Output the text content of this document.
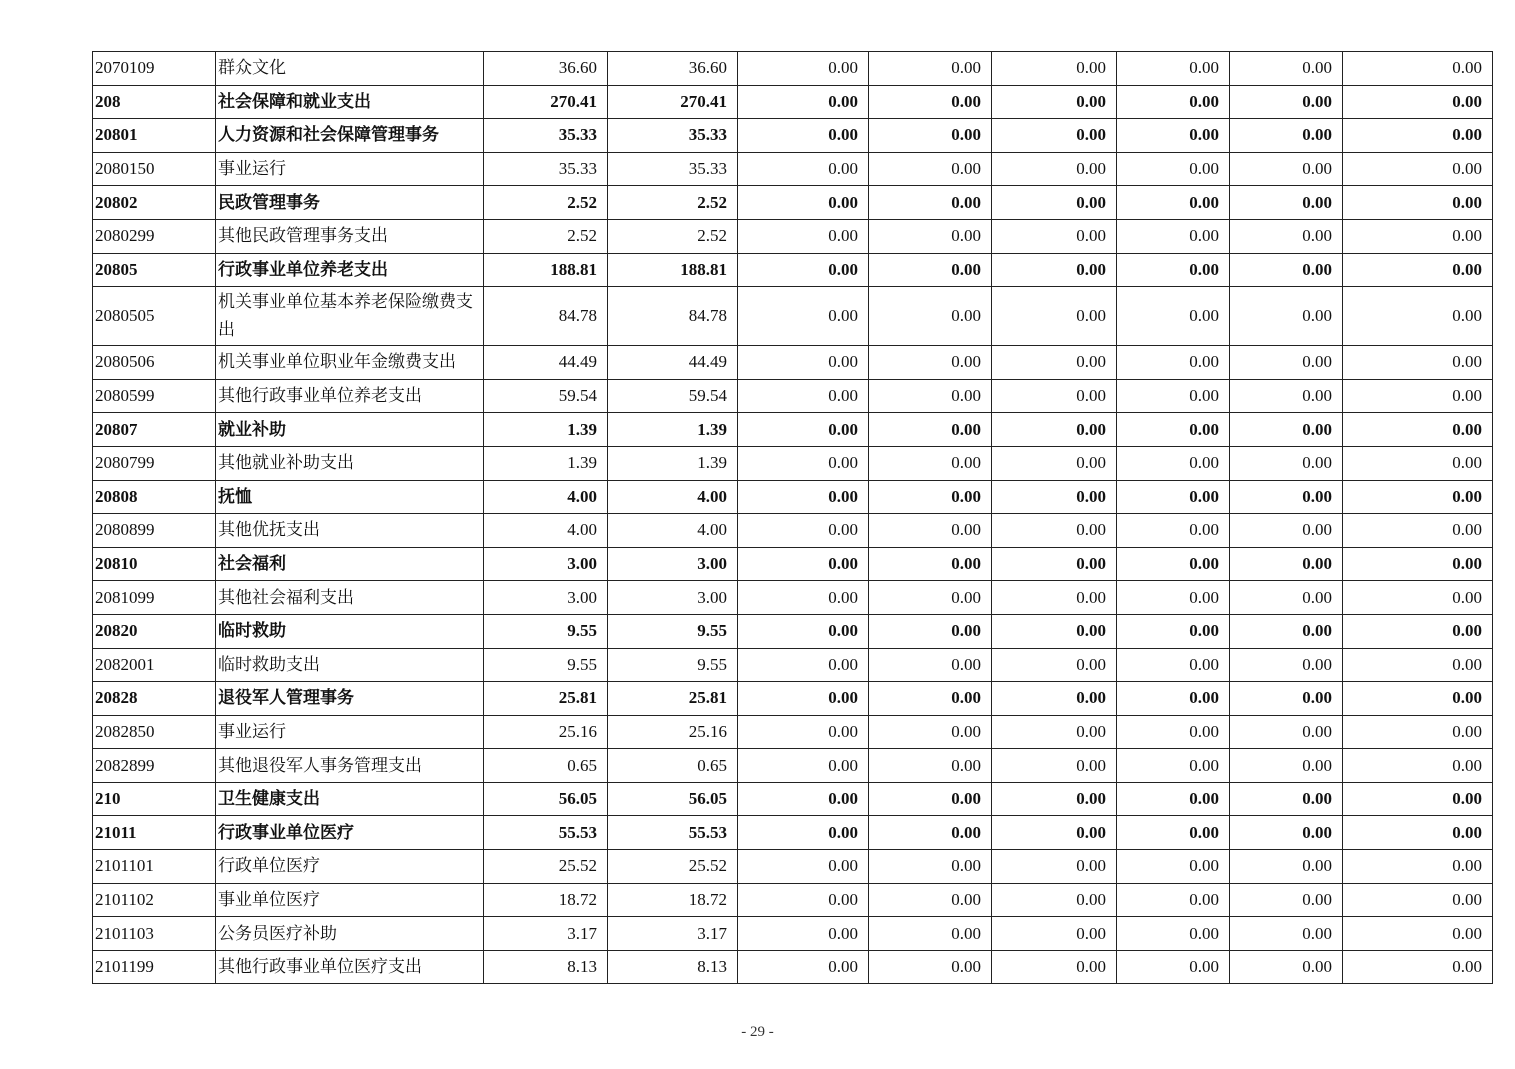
2070109	群众文化	36.60	36.60	0.00	0.00	0.00	0.00	0.00	0.00
208	社会保障和就业支出	270.41	270.41	0.00	0.00	0.00	0.00	0.00	0.00
20801	人力资源和社会保障管理事务	35.33	35.33	0.00	0.00	0.00	0.00	0.00	0.00
2080150	事业运行	35.33	35.33	0.00	0.00	0.00	0.00	0.00	0.00
20802	民政管理事务	2.52	2.52	0.00	0.00	0.00	0.00	0.00	0.00
2080299	其他民政管理事务支出	2.52	2.52	0.00	0.00	0.00	0.00	0.00	0.00
20805	行政事业单位养老支出	188.81	188.81	0.00	0.00	0.00	0.00	0.00	0.00
2080505	机关事业单位基本养老保险缴费支出	84.78	84.78	0.00	0.00	0.00	0.00	0.00	0.00
2080506	机关事业单位职业年金缴费支出	44.49	44.49	0.00	0.00	0.00	0.00	0.00	0.00
2080599	其他行政事业单位养老支出	59.54	59.54	0.00	0.00	0.00	0.00	0.00	0.00
20807	就业补助	1.39	1.39	0.00	0.00	0.00	0.00	0.00	0.00
2080799	其他就业补助支出	1.39	1.39	0.00	0.00	0.00	0.00	0.00	0.00
20808	抚恤	4.00	4.00	0.00	0.00	0.00	0.00	0.00	0.00
2080899	其他优抚支出	4.00	4.00	0.00	0.00	0.00	0.00	0.00	0.00
20810	社会福利	3.00	3.00	0.00	0.00	0.00	0.00	0.00	0.00
2081099	其他社会福利支出	3.00	3.00	0.00	0.00	0.00	0.00	0.00	0.00
20820	临时救助	9.55	9.55	0.00	0.00	0.00	0.00	0.00	0.00
2082001	临时救助支出	9.55	9.55	0.00	0.00	0.00	0.00	0.00	0.00
20828	退役军人管理事务	25.81	25.81	0.00	0.00	0.00	0.00	0.00	0.00
2082850	事业运行	25.16	25.16	0.00	0.00	0.00	0.00	0.00	0.00
2082899	其他退役军人事务管理支出	0.65	0.65	0.00	0.00	0.00	0.00	0.00	0.00
210	卫生健康支出	56.05	56.05	0.00	0.00	0.00	0.00	0.00	0.00
21011	行政事业单位医疗	55.53	55.53	0.00	0.00	0.00	0.00	0.00	0.00
2101101	行政单位医疗	25.52	25.52	0.00	0.00	0.00	0.00	0.00	0.00
2101102	事业单位医疗	18.72	18.72	0.00	0.00	0.00	0.00	0.00	0.00
2101103	公务员医疗补助	3.17	3.17	0.00	0.00	0.00	0.00	0.00	0.00
2101199	其他行政事业单位医疗支出	8.13	8.13	0.00	0.00	0.00	0.00	0.00	0.00
- 29 -
